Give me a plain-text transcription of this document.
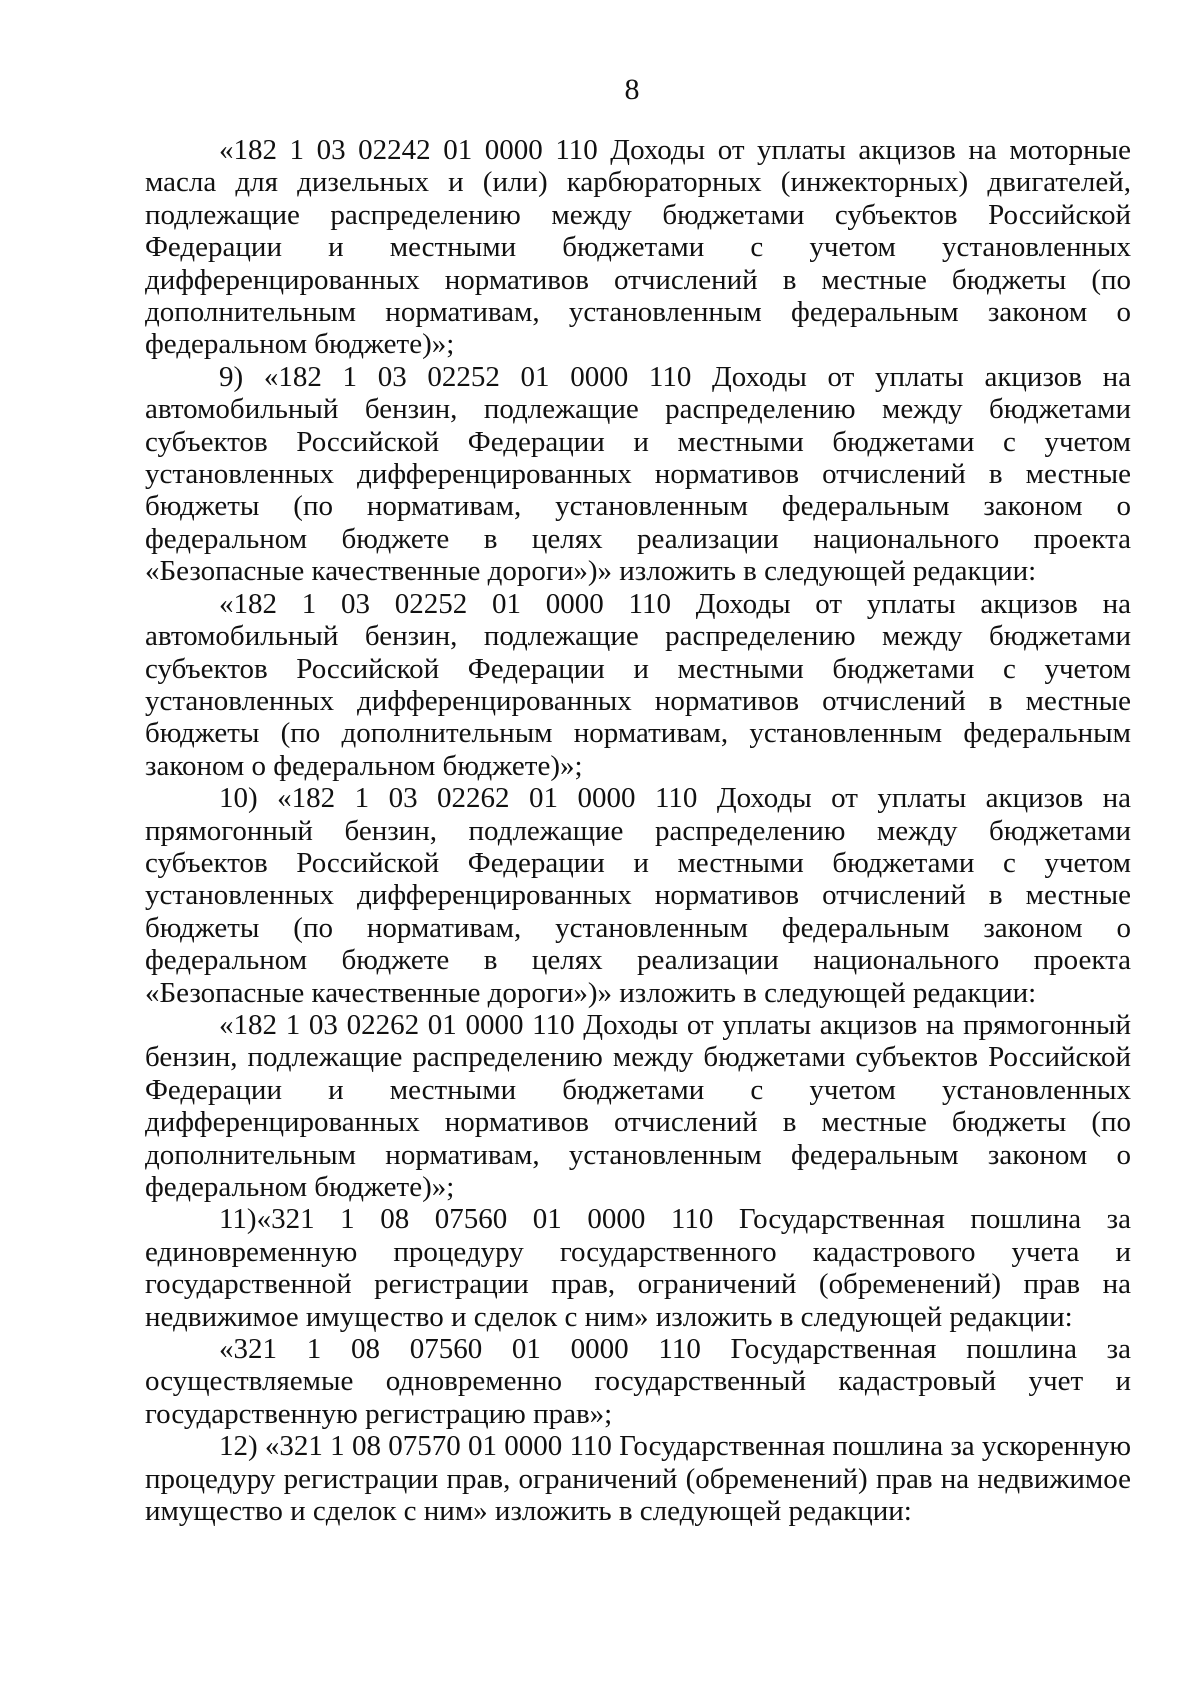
8

«182 1 03 02242 01 0000 110 Доходы от уплаты акцизов на моторные масла для дизельных и (или) карбюраторных (инжекторных) двигателей, подлежащие распределению между бюджетами субъектов Российской Федерации и местными бюджетами с учетом установленных дифференцированных нормативов отчислений в местные бюджеты (по дополнительным нормативам, установленным федеральным законом о федеральном бюджете)»;

9) «182 1 03 02252 01 0000 110 Доходы от уплаты акцизов на автомобильный бензин, подлежащие распределению между бюджетами субъектов Российской Федерации и местными бюджетами с учетом установленных дифференцированных нормативов отчислений в местные бюджеты (по нормативам, установленным федеральным законом о федеральном бюджете в целях реализации национального проекта «Безопасные качественные дороги»)» изложить в следующей редакции:

«182 1 03 02252 01 0000 110 Доходы от уплаты акцизов на автомобильный бензин, подлежащие распределению между бюджетами субъектов Российской Федерации и местными бюджетами с учетом установленных дифференцированных нормативов отчислений в местные бюджеты (по дополнительным нормативам, установленным федеральным законом о федеральном бюджете)»;

10) «182 1 03 02262 01 0000 110 Доходы от уплаты акцизов на прямогонный бензин, подлежащие распределению между бюджетами субъектов Российской Федерации и местными бюджетами с учетом установленных дифференцированных нормативов отчислений в местные бюджеты (по нормативам, установленным федеральным законом о федеральном бюджете в целях реализации национального проекта «Безопасные качественные дороги»)» изложить в следующей редакции:

«182 1 03 02262 01 0000 110 Доходы от уплаты акцизов на прямогонный бензин, подлежащие распределению между бюджетами субъектов Российской Федерации и местными бюджетами с учетом установленных дифференцированных нормативов отчислений в местные бюджеты (по дополнительным нормативам, установленным федеральным законом о федеральном бюджете)»;

11)«321 1 08 07560 01 0000 110 Государственная пошлина за единовременную процедуру государственного кадастрового учета и государственной регистрации прав, ограничений (обременений) прав на недвижимое имущество и сделок с ним» изложить в следующей редакции:

«321 1 08 07560 01 0000 110 Государственная пошлина за осуществляемые одновременно государственный кадастровый учет и государственную регистрацию прав»;

12) «321 1 08 07570 01 0000 110 Государственная пошлина за ускоренную процедуру регистрации прав, ограничений (обременений) прав на недвижимое имущество и сделок с ним» изложить в следующей редакции:
